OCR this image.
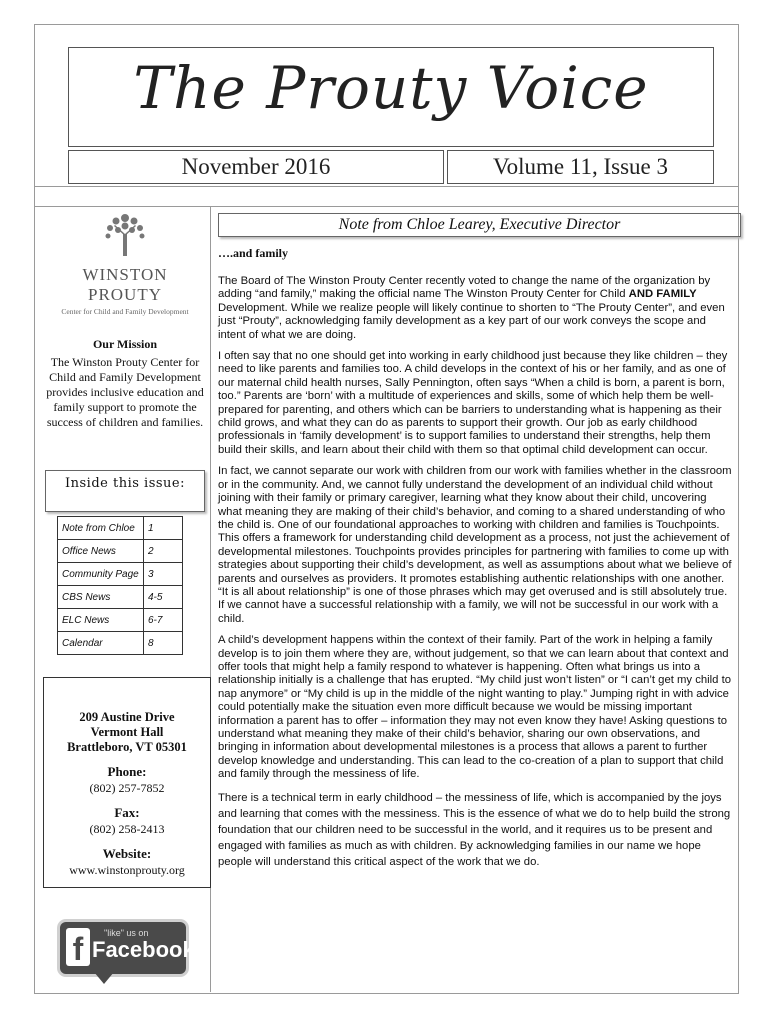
The Prouty Voice
November 2016	Volume 11, Issue 3
WINSTON PROUTY
Center for Child and Family Development
Our Mission
The Winston Prouty Center for Child and Family Development provides inclusive education and family support to promote the success of children and families.
Inside this issue:
Note from Chloe	1
Office News	2
Community Page	3
CBS News	4-5
ELC News	6-7
Calendar	8
209 Austine Drive
Vermont Hall
Brattleboro, VT 05301
Phone:
(802) 257-7852
Fax:
(802) 258-2413
Website:
www.winstonprouty.org
f	"like" us on
Facebook
Note from Chloe Learey, Executive Director
….and family

The Board of The Winston Prouty Center recently voted to change the name of the organization by adding “and family,” making the official name The Winston Prouty Center for Child AND FAMILY Development. While we realize people will likely continue to shorten to “The Prouty Center”, and even just “Prouty”, acknowledging family development as a key part of our work conveys the scope and intent of what we are doing.

I often say that no one should get into working in early childhood just because they like children – they need to like parents and families too. A child develops in the context of his or her family, and as one of our maternal child health nurses, Sally Pennington, often says “When a child is born, a parent is born, too.” Parents are ‘born’ with a multitude of experiences and skills, some of which help them be well-prepared for parenting, and others which can be barriers to understanding what is happening as their child grows, and what they can do as parents to support their growth. Our job as early childhood professionals in ‘family development’ is to support families to understand their strengths, help them build their skills, and learn about their child with them so that optimal child development can occur.

In fact, we cannot separate our work with children from our work with families whether in the classroom or in the community. And, we cannot fully understand the development of an individual child without joining with their family or primary caregiver, learning what they know about their child, uncovering what meaning they are making of their child’s behavior, and coming to a shared understanding of who the child is. One of our foundational approaches to working with children and families is Touchpoints. This offers a framework for understanding child development as a process, not just the achievement of developmental milestones. Touchpoints provides principles for partnering with families to come up with strategies about supporting their child’s development, as well as assumptions about what we believe of parents and ourselves as providers. It promotes establishing authentic relationships with one another. “It is all about relationship” is one of those phrases which may get overused and is still absolutely true. If we cannot have a successful relationship with a family, we will not be successful in our work with a child.

A child’s development happens within the context of their family. Part of the work in helping a family develop is to join them where they are, without judgement, so that we can learn about that context and offer tools that might help a family respond to whatever is happening. Often what brings us into a relationship initially is a challenge that has erupted. “My child just won’t listen” or “I can’t get my child to nap anymore” or “My child is up in the middle of the night wanting to play.” Jumping right in with advice could potentially make the situation even more difficult because we would be missing important information a parent has to offer – information they may not even know they have! Asking questions to understand what meaning they make of their child’s behavior, sharing our own observations, and bringing in information about developmental milestones is a process that allows a parent to further develop knowledge and understanding. This can lead to the co-creation of a plan to support that child and family through the messiness of life.

There is a technical term in early childhood – the messiness of life, which is accompanied by the joys and learning that comes with the messiness. This is the essence of what we do to help build the strong foundation that our children need to be successful in the world, and it requires us to be present and engaged with families as much as with children. By acknowledging families in our name we hope people will understand this critical aspect of the work that we do.
